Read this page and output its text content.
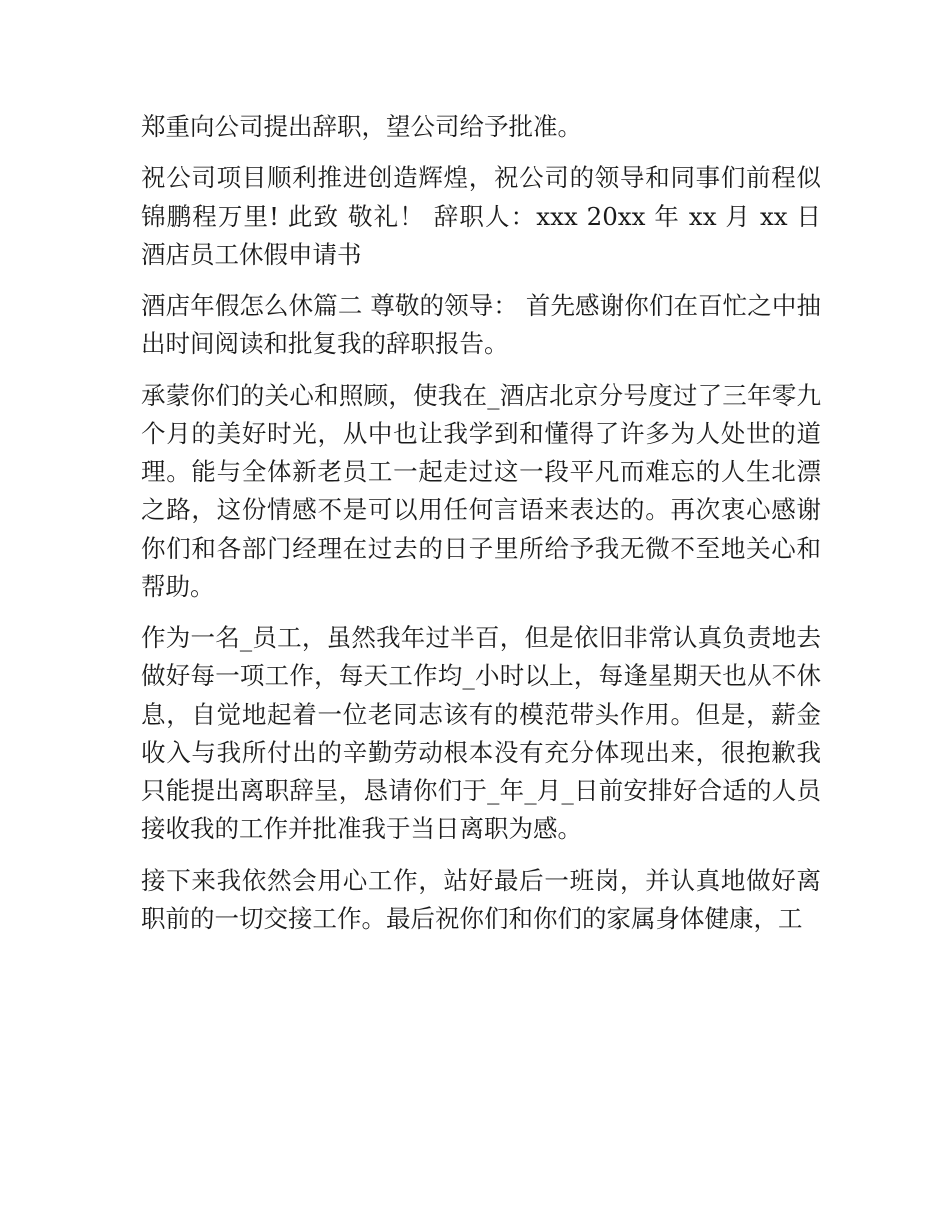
郑重向公司提出辞职，望公司给予批准。

祝公司项目顺利推进创造辉煌，祝公司的领导和同事们前程似锦鹏程万里! 此致 敬礼！ 辞职人：xxx 20xx 年 xx 月 xx 日 酒店员工休假申请书

酒店年假怎么休篇二 尊敬的领导： 首先感谢你们在百忙之中抽出时间阅读和批复我的辞职报告。

承蒙你们的关心和照顾，使我在_酒店北京分号度过了三年零九个月的美好时光，从中也让我学到和懂得了许多为人处世的道理。能与全体新老员工一起走过这一段平凡而难忘的人生北漂之路，这份情感不是可以用任何言语来表达的。再次衷心感谢你们和各部门经理在过去的日子里所给予我无微不至地关心和帮助。

作为一名_员工，虽然我年过半百，但是依旧非常认真负责地去做好每一项工作，每天工作均_小时以上，每逢星期天也从不休息，自觉地起着一位老同志该有的模范带头作用。但是，薪金收入与我所付出的辛勤劳动根本没有充分体现出来，很抱歉我只能提出离职辞呈，恳请你们于_年_月_日前安排好合适的人员接收我的工作并批准我于当日离职为感。

接下来我依然会用心工作，站好最后一班岗，并认真地做好离职前的一切交接工作。最后祝你们和你们的家属身体健康，工
